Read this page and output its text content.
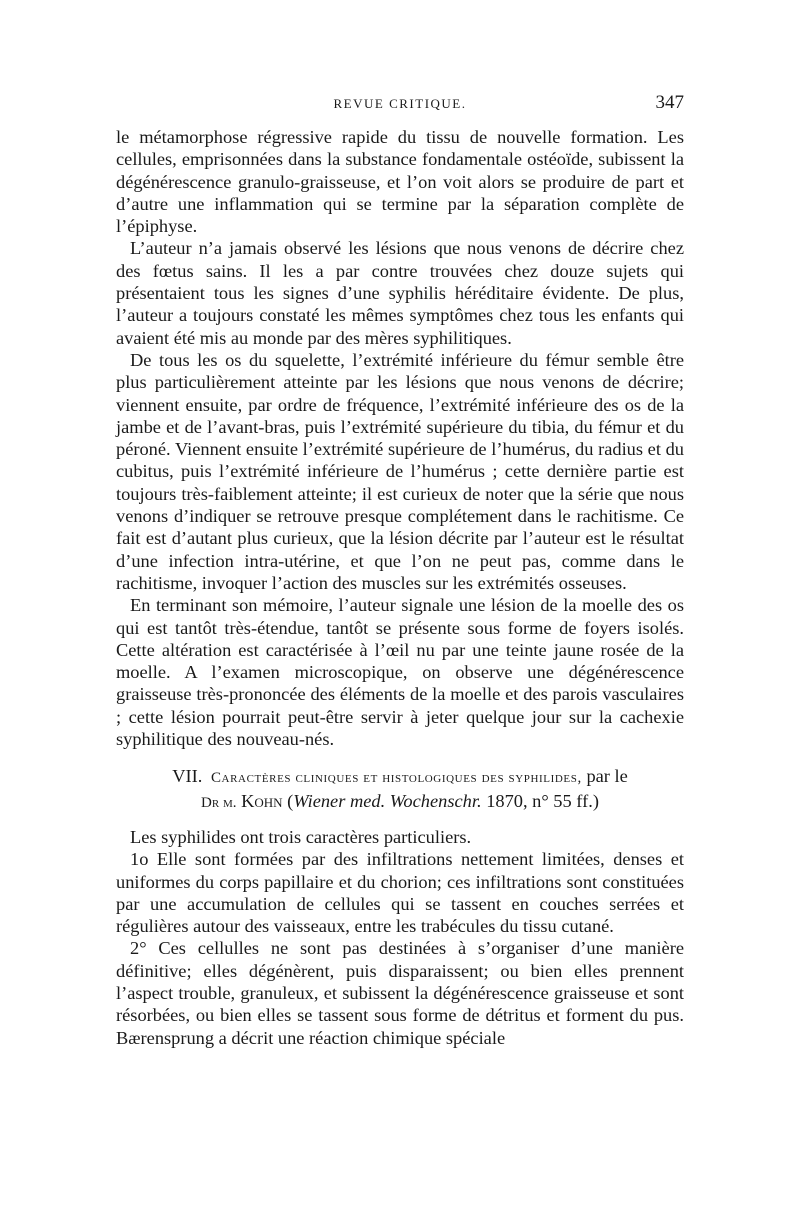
REVUE CRITIQUE.	347

le métamorphose régressive rapide du tissu de nouvelle formation. Les cellules, emprisonnées dans la substance fondamentale ostéoïde, subissent la dégénérescence granulo-graisseuse, et l’on voit alors se produire de part et d’autre une inflammation qui se termine par la séparation complète de l’épiphyse.

L’auteur n’a jamais observé les lésions que nous venons de décrire chez des fœtus sains. Il les a par contre trouvées chez douze sujets qui présentaient tous les signes d’une syphilis héréditaire évidente. De plus, l’auteur a toujours constaté les mêmes symptômes chez tous les enfants qui avaient été mis au monde par des mères syphilitiques.

De tous les os du squelette, l’extrémité inférieure du fémur semble être plus particulièrement atteinte par les lésions que nous venons de décrire; viennent ensuite, par ordre de fréquence, l’extrémité inférieure des os de la jambe et de l’avant-bras, puis l’extrémité supérieure du tibia, du fémur et du péroné. Viennent ensuite l’extrémité supérieure de l’humérus, du radius et du cubitus, puis l’extrémité inférieure de l’humérus ; cette dernière partie est toujours très-faiblement atteinte; il est curieux de noter que la série que nous venons d’indiquer se retrouve presque complétement dans le rachitisme. Ce fait est d’autant plus curieux, que la lésion décrite par l’auteur est le résultat d’une infection intra-utérine, et que l’on ne peut pas, comme dans le rachitisme, invoquer l’action des muscles sur les extrémités osseuses.

En terminant son mémoire, l’auteur signale une lésion de la moelle des os qui est tantôt très-étendue, tantôt se présente sous forme de foyers isolés. Cette altération est caractérisée à l’œil nu par une teinte jaune rosée de la moelle. A l’examen microscopique, on observe une dégénérescence graisseuse très-prononcée des éléments de la moelle et des parois vasculaires ; cette lésion pourrait peut-être servir à jeter quelque jour sur la cachexie syphilitique des nouveau-nés.

VII. Caractères cliniques et histologiques des syphilides, par le
Dr m. Kohn (Wiener med. Wochenschr. 1870, n° 55 ff.)

Les syphilides ont trois caractères particuliers.

1o Elle sont formées par des infiltrations nettement limitées, denses et uniformes du corps papillaire et du chorion; ces infiltrations sont constituées par une accumulation de cellules qui se tassent en couches serrées et régulières autour des vaisseaux, entre les trabécules du tissu cutané.

2° Ces cellulles ne sont pas destinées à s’organiser d’une manière définitive; elles dégénèrent, puis disparaissent; ou bien elles prennent l’aspect trouble, granuleux, et subissent la dégénérescence graisseuse et sont résorbées, ou bien elles se tassent sous forme de détritus et forment du pus. Bærensprung a décrit une réaction chimique spéciale
